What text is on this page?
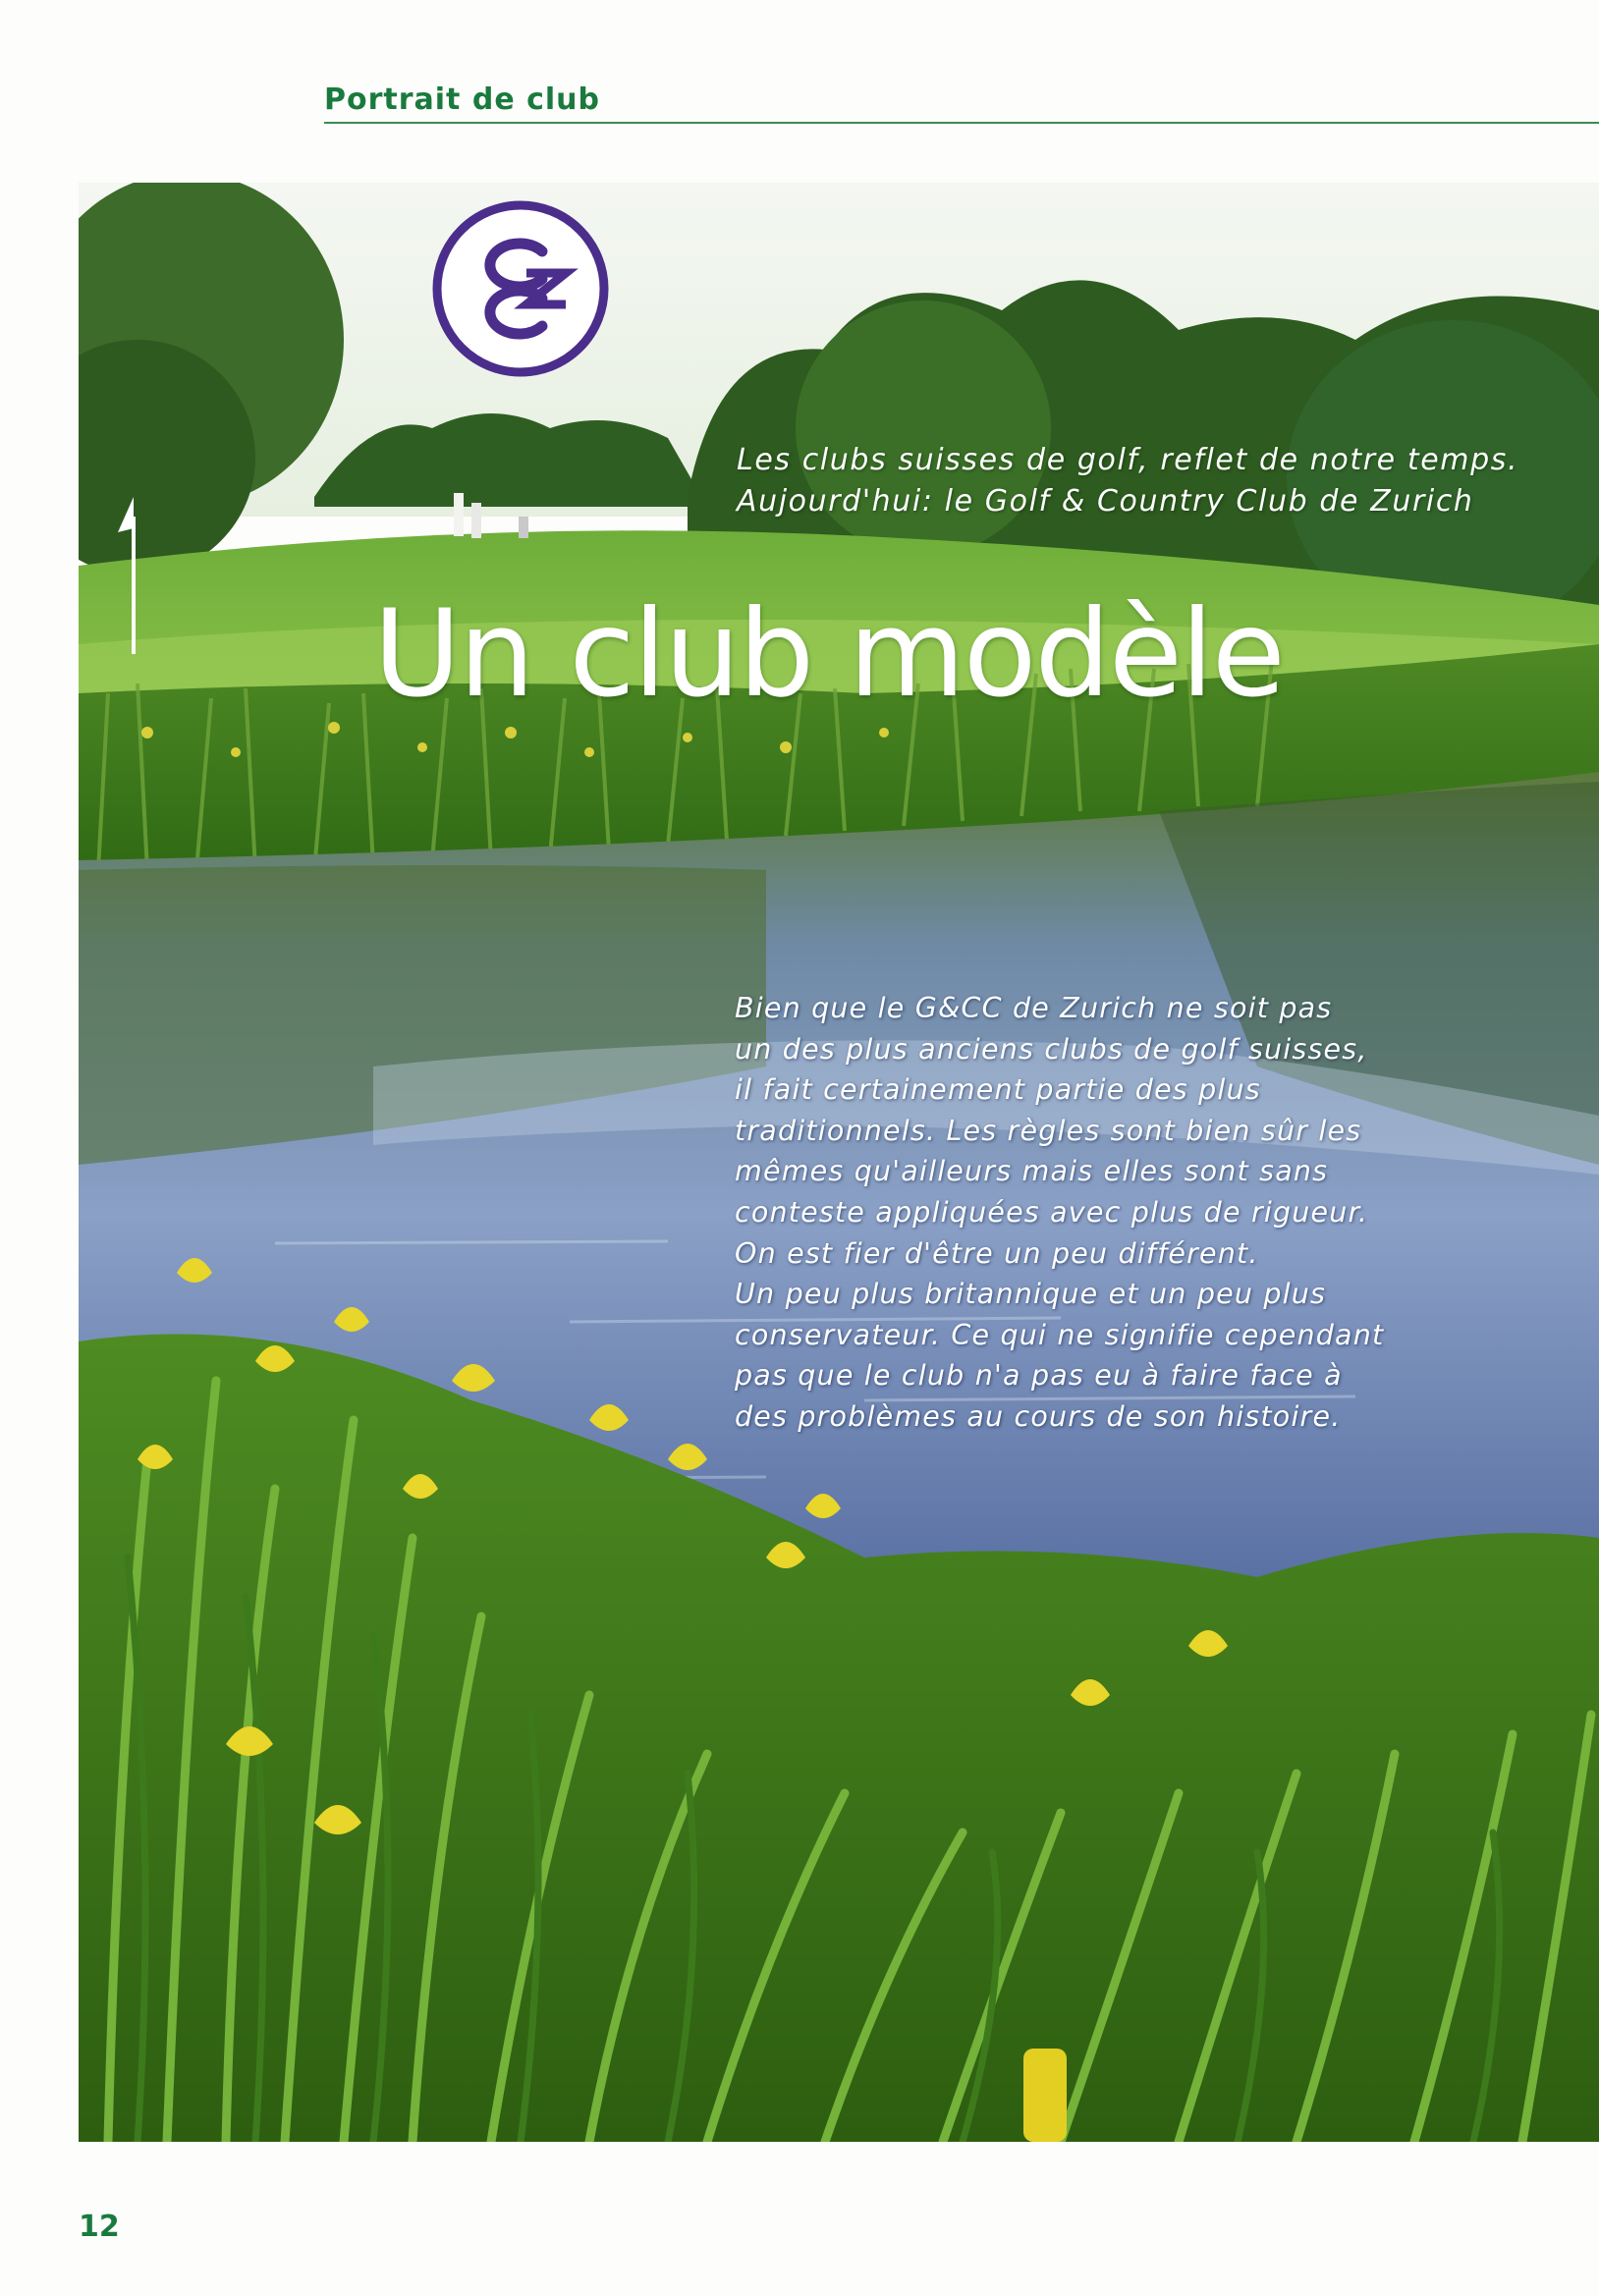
Portrait de club
Les clubs suisses de golf, reflet de notre temps.
Aujourd'hui: le Golf & Country Club de Zurich
Un club modèle
Bien que le G&CC de Zurich ne soit pas
un des plus anciens clubs de golf suisses,
il fait certainement partie des plus
traditionnels. Les règles sont bien sûr les
mêmes qu'ailleurs mais elles sont sans
conteste appliquées avec plus de rigueur.
On est fier d'être un peu différent.
Un peu plus britannique et un peu plus
conservateur. Ce qui ne signifie cependant
pas que le club n'a pas eu à faire face à
des problèmes au cours de son histoire.
12
